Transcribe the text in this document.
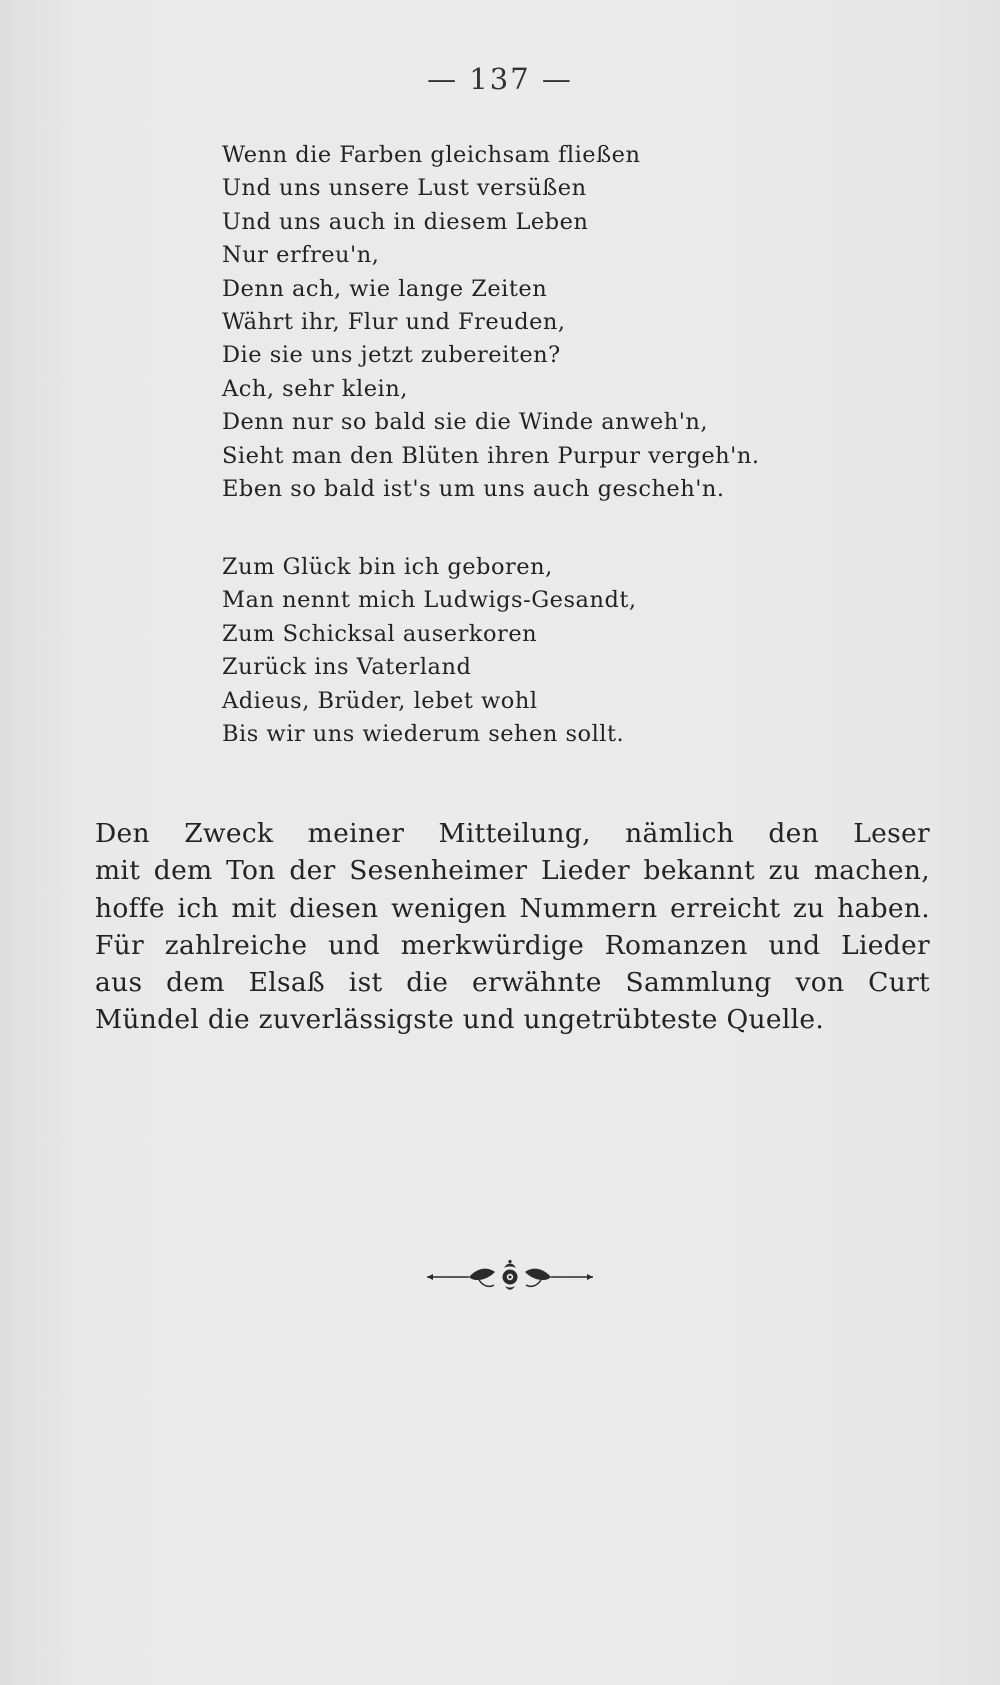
— 137 —
Wenn die Farben gleichsam fließen
Und uns unsere Lust versüßen
Und uns auch in diesem Leben
Nur erfreu'n,
Denn ach, wie lange Zeiten
Währt ihr, Flur und Freuden,
Die sie uns jetzt zubereiten?
Ach, sehr klein,
Denn nur so bald sie die Winde anweh'n,
Sieht man den Blüten ihren Purpur vergeh'n.
Eben so bald ist's um uns auch gescheh'n.
Zum Glück bin ich geboren,
Man nennt mich Ludwigs-Gesandt,
Zum Schicksal auserkoren
Zurück ins Vaterland
Adieus, Brüder, lebet wohl
Bis wir uns wiederum sehen sollt.
Den Zweck meiner Mitteilung, nämlich den Leser
mit dem Ton der Sesenheimer Lieder bekannt zu machen,
hoffe ich mit diesen wenigen Nummern erreicht zu haben.
Für zahlreiche und merkwürdige Romanzen und Lieder
aus dem Elsaß ist die erwähnte Sammlung von Curt
Mündel die zuverlässigste und ungetrübteste Quelle.
